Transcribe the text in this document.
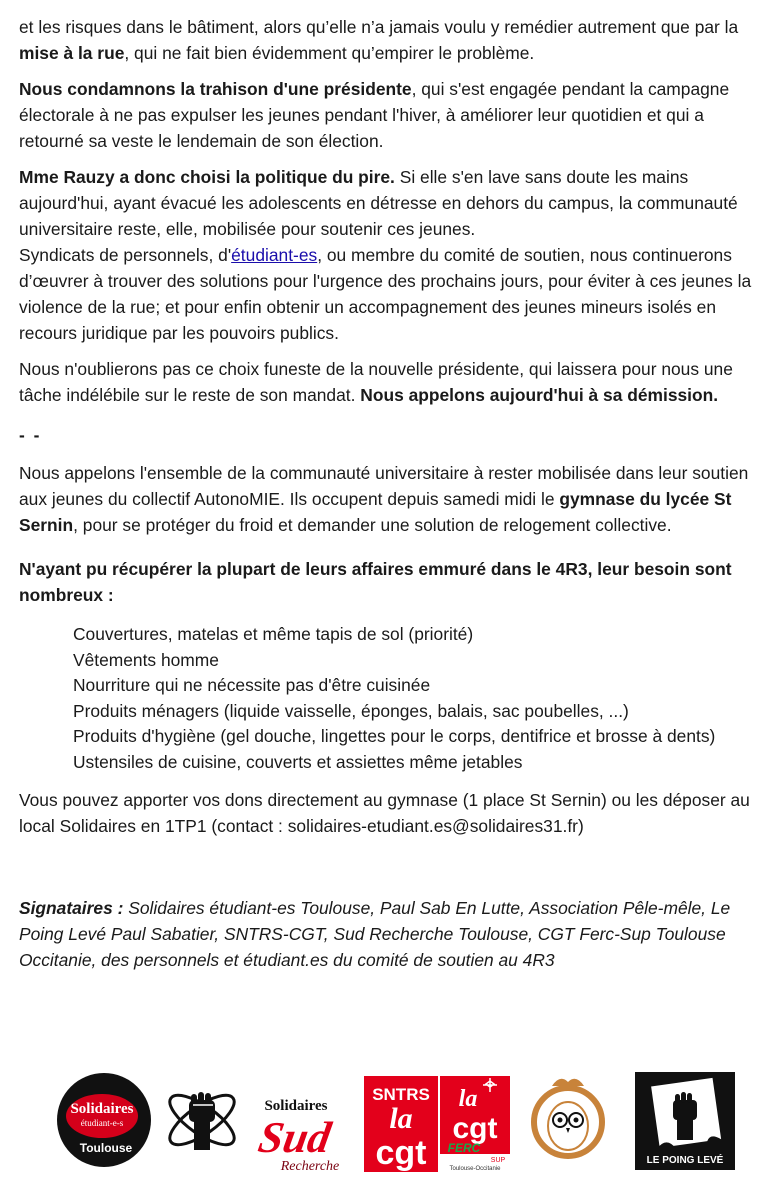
et les risques dans le bâtiment, alors qu’elle n’a jamais voulu y remédier autrement que par la mise à la rue, qui ne fait bien évidemment qu’empirer le problème.

Nous condamnons la trahison d'une présidente, qui s'est engagée pendant la campagne électorale à ne pas expulser les jeunes pendant l'hiver, à améliorer leur quotidien et qui a retourné sa veste le lendemain de son élection.

Mme Rauzy a donc choisi la politique du pire. Si elle s'en lave sans doute les mains aujourd'hui, ayant évacué les adolescents en détresse en dehors du campus, la communauté universitaire reste, elle, mobilisée pour soutenir ces jeunes.
Syndicats de personnels, d'étudiant-es, ou membre du comité de soutien, nous continuerons d’œuvrer à trouver des solutions pour l'urgence des prochains jours, pour éviter à ces jeunes la violence de la rue; et pour enfin obtenir un accompagnement des jeunes mineurs isolés en recours juridique par les pouvoirs publics.

Nous n'oublierons pas ce choix funeste de la nouvelle présidente, qui laissera pour nous une tâche indélébile sur le reste de son mandat. Nous appelons aujourd'hui à sa démission.

- -

Nous appelons l'ensemble de la communauté universitaire à rester mobilisée dans leur soutien aux jeunes du collectif AutonoMIE. Ils occupent depuis samedi midi le gymnase du lycée St Sernin, pour se protéger du froid et demander une solution de relogement collective.

N'ayant pu récupérer la plupart de leurs affaires emmuré dans le 4R3, leur besoin sont nombreux :

Couvertures, matelas et même tapis de sol (priorité)
Vêtements homme
Nourriture qui ne nécessite pas d'être cuisinée
Produits ménagers (liquide vaisselle, éponges, balais, sac poubelles, ...)
Produits d'hygiène (gel douche, lingettes pour le corps, dentifrice et brosse à dents)
Ustensiles de cuisine, couverts et assiettes même jetables

Vous pouvez apporter vos dons directement au gymnase (1 place St Sernin) ou les déposer au local Solidaires en 1TP1 (contact : solidaires-etudiant.es@solidaires31.fr)

Signataires : Solidaires étudiant-es Toulouse, Paul Sab En Lutte, Association Pêle-mêle, Le Poing Levé Paul Sabatier, SNTRS-CGT, Sud Recherche Toulouse, CGT Ferc-Sup Toulouse Occitanie, des personnels et étudiant.es du comité de soutien au 4R3

Solidaires
étudiant-e-s
Toulouse
Solidaires
Sud
Recherche
SNTRS
la
cgt
la
cgt
FERC
SUP
Toulouse-Occitanie
LE POING LEVÉ
